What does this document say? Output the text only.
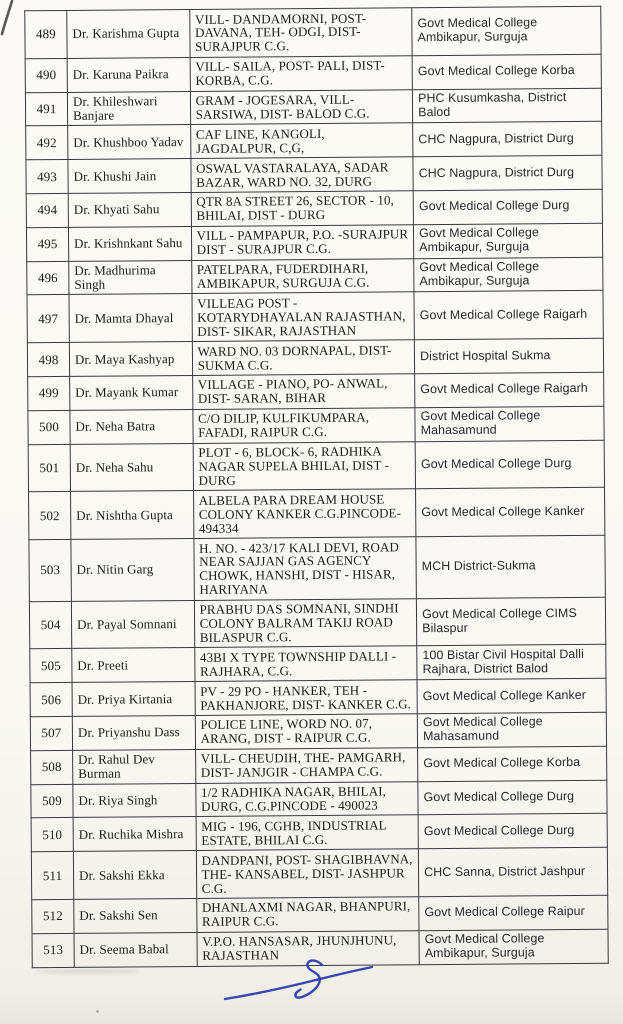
489	Dr. Karishma Gupta	VILL- DANDAMORNI, POST- DAVANA, TEH- ODGI, DIST- SURAJPUR C.G.	Govt Medical College Ambikapur, Surguja
490	Dr. Karuna Paikra	VILL- SAILA, POST- PALI, DIST- KORBA, C.G.	Govt Medical College Korba
491	Dr. Khileshwari Banjare	GRAM - JOGESARA, VILL- SARSIWA, DIST- BALOD C.G.	PHC Kusumkasha, District Balod
492	Dr. Khushboo Yadav	CAF LINE, KANGOLI, JAGDALPUR, C,G,	CHC Nagpura, District Durg
493	Dr. Khushi Jain	OSWAL VASTARALAYA, SADAR BAZAR, WARD NO. 32, DURG	CHC Nagpura, District Durg
494	Dr. Khyati Sahu	QTR 8A STREET 26, SECTOR - 10, BHILAI, DIST - DURG	Govt Medical College Durg
495	Dr. Krishnkant Sahu	VILL - PAMPAPUR, P.O. -SURAJPUR DIST - SURAJPUR C.G.	Govt Medical College Ambikapur, Surguja
496	Dr. Madhurima Singh	PATELPARA, FUDERDIHARI, AMBIKAPUR, SURGUJA C.G.	Govt Medical College Ambikapur, Surguja
497	Dr. Mamta Dhayal	VILLEAG POST - KOTARYDHAYALAN RAJASTHAN, DIST- SIKAR, RAJASTHAN	Govt Medical College Raigarh
498	Dr. Maya Kashyap	WARD NO. 03 DORNAPAL, DIST- SUKMA C.G.	District Hospital Sukma
499	Dr. Mayank Kumar	VILLAGE - PIANO, PO- ANWAL, DIST- SARAN, BIHAR	Govt Medical College Raigarh
500	Dr. Neha Batra	C/O DILIP, KULFIKUMPARA, FAFADI, RAIPUR C.G.	Govt Medical College Mahasamund
501	Dr. Neha Sahu	PLOT - 6, BLOCK- 6, RADHIKA NAGAR SUPELA BHILAI, DIST - DURG	Govt Medical College Durg
502	Dr. Nishtha Gupta	ALBELA PARA DREAM HOUSE COLONY KANKER C.G.PINCODE- 494334	Govt Medical College Kanker
503	Dr. Nitin Garg	H. NO. - 423/17 KALI DEVI, ROAD NEAR SAJJAN GAS AGENCY CHOWK, HANSHI, DIST - HISAR, HARIYANA	MCH District-Sukma
504	Dr. Payal Somnani	PRABHU DAS SOMNANI, SINDHI COLONY BALRAM TAKIJ ROAD BILASPUR C.G.	Govt Medical College CIMS Bilaspur
505	Dr. Preeti	43BI X TYPE TOWNSHIP DALLI - RAJHARA, C.G.	100 Bistar Civil Hospital Dalli Rajhara, District Balod
506	Dr. Priya Kirtania	PV - 29 PO - HANKER, TEH - PAKHANJORE, DIST- KANKER C.G.	Govt Medical College Kanker
507	Dr. Priyanshu Dass	POLICE LINE, WORD NO. 07, ARANG, DIST - RAIPUR C.G.	Govt Medical College Mahasamund
508	Dr. Rahul Dev Burman	VILL- CHEUDIH, THE- PAMGARH, DIST- JANJGIR - CHAMPA C.G.	Govt Medical College Korba
509	Dr. Riya Singh	1/2 RADHIKA NAGAR, BHILAI, DURG, C.G.PINCODE - 490023	Govt Medical College Durg
510	Dr. Ruchika Mishra	MIG - 196, CGHB, INDUSTRIAL ESTATE, BHILAI C.G.	Govt Medical College Durg
511	Dr. Sakshi Ekka	DANDPANI, POST- SHAGIBHAVNA, THE- KANSABEL, DIST- JASHPUR C.G.	CHC Sanna, District Jashpur
512	Dr. Sakshi Sen	DHANLAXMI NAGAR, BHANPURI, RAIPUR C.G.	Govt Medical College Raipur
513	Dr. Seema Babal	V.P.O. HANSASAR, JHUNJHUNU, RAJASTHAN	Govt Medical College Ambikapur, Surguja
